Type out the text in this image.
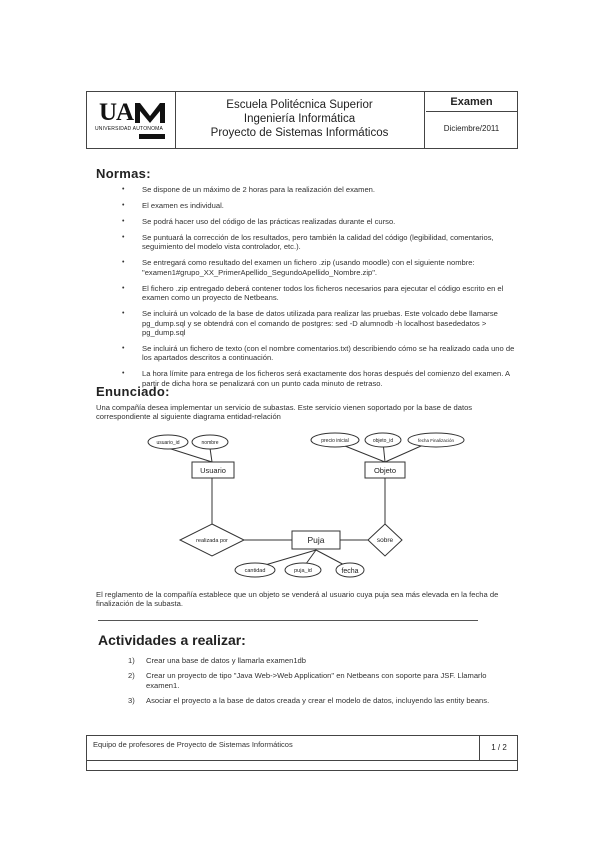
UA
UNIVERSIDAD AUTONOMA
Escuela Politécnica Superior
Ingeniería Informática
Proyecto de Sistemas Informáticos
Examen
Diciembre/2011
Normas:
• Se dispone de un máximo de 2 horas para la realización del examen.
• El examen es individual.
• Se podrá hacer uso del código de las prácticas realizadas durante el curso.
• Se puntuará la corrección de los resultados, pero también la calidad del código (legibilidad, comentarios, seguimiento del modelo vista controlador, etc.).
• Se entregará como resultado del examen un fichero .zip (usando moodle) con el siguiente nombre: "examen1#grupo_XX_PrimerApellido_SegundoApellido_Nombre.zip".
• El fichero .zip entregado deberá contener todos los ficheros necesarios para ejecutar el código escrito en el examen como un proyecto de Netbeans.
• Se incluirá un volcado de la base de datos utilizada para realizar las pruebas. Este volcado debe llamarse pg_dump.sql y se obtendrá con el comando de postgres: sed -D alumnodb -h localhost basededatos > pg_dump.sql
• Se incluirá un fichero de texto (con el nombre comentarios.txt) describiendo cómo se ha realizado cada uno de los apartados descritos a continuación.
• La hora límite para entrega de los ficheros será exactamente dos horas después del comienzo del examen. A partir de dicha hora se penalizará con un punto cada minuto de retraso.
Enunciado:
Una compañía desea implementar un servicio de subastas. Este servicio vienen soportado por la base de datos correspondiente al siguiente diagrama entidad-relación
usuario_id	nombre	precio inicial	objeto_id	fecha Finalización
cantidad	puja_id	fecha
Usuario	Objeto
Puja
realizada por	sobre
El reglamento de la compañía establece que un objeto se venderá al usuario cuya puja sea más elevada en la fecha de finalización de la subasta.
Actividades a realizar:
1) Crear una base de datos y llamarla examen1db
2) Crear un proyecto de tipo "Java Web->Web Application" en Netbeans con soporte para JSF. Llamarlo examen1.
3) Asociar el proyecto a la base de datos creada y crear el modelo de datos, incluyendo las entity beans.
Equipo de profesores de Proyecto de Sistemas Informáticos	1 / 2
